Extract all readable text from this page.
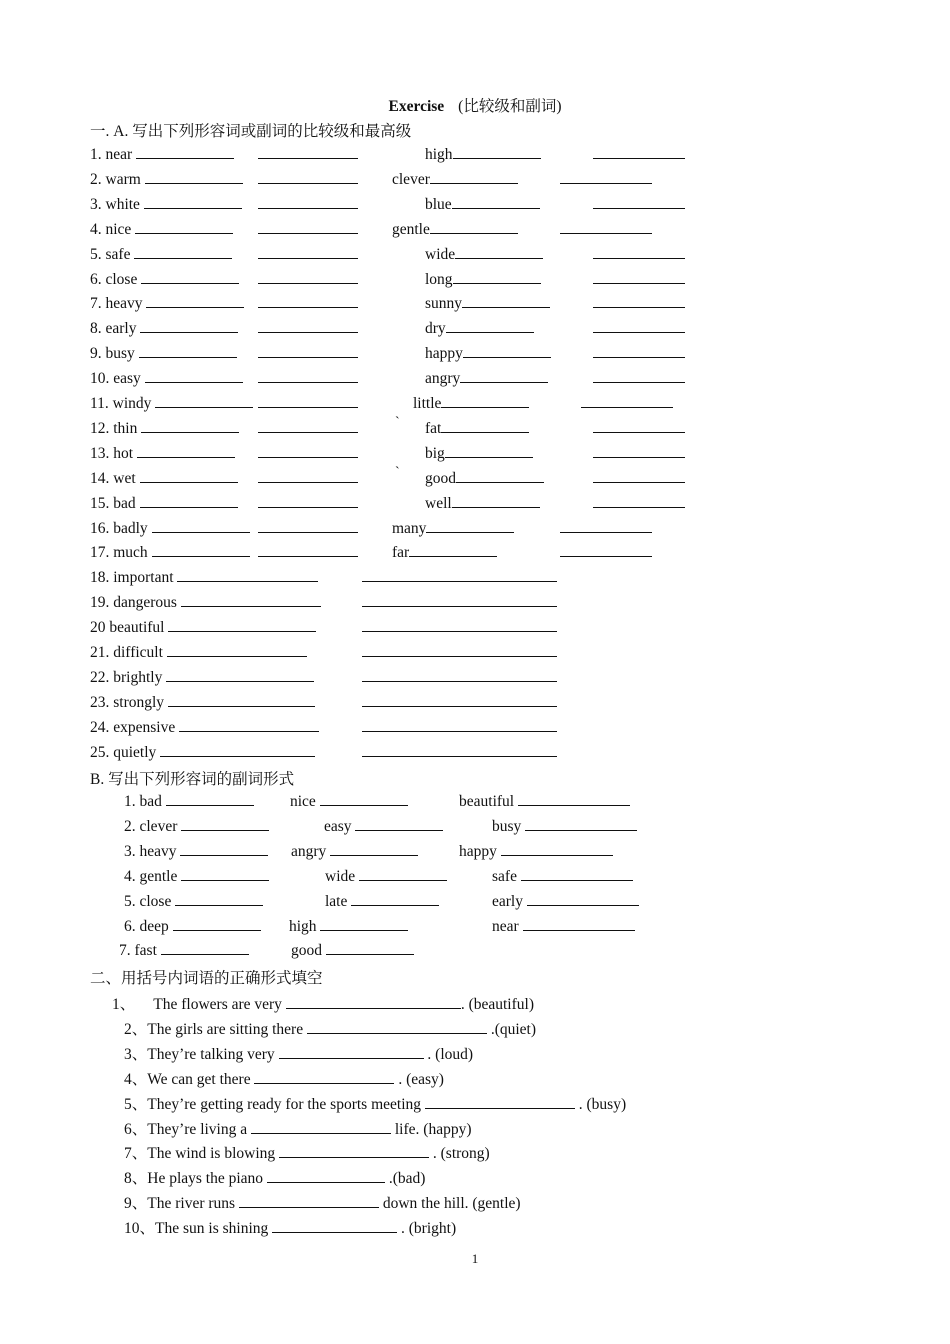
Exercise (比较级和副词)
一. A. 写出下列形容词或副词的比较级和最高级
1. near	high
2. warm	clever
3. white	blue
4. nice	gentle
5. safe	wide
6. close	long
7. heavy	sunny
8. early	dry
9. busy	happy
10. easy	angry
11. windy	little
12. thin	fat
`
13. hot	big
14. wet	good
`
15. bad	well
16. badly	many
17. much	far
18. important
19. dangerous
20 beautiful
21. difficult
22. brightly
23. strongly
24. expensive
25. quietly
B. 写出下列形容词的副词形式
1. bad	nice	beautiful
2. clever	easy	busy
3. heavy	angry	happy
4. gentle	wide	safe
5. close	late	early
6. deep	high	near
7. fast	good
二、用括号内词语的正确形式填空
1、 The flowers are very	. (beautiful)
2、The girls are sitting there	.(quiet)
3、They’re talking very	. (loud)
4、We can get there	. (easy)
5、They’re getting ready for the sports meeting	. (busy)
6、They’re living a	life. (happy)
7、The wind is blowing	. (strong)
8、He plays the piano	.(bad)
9、The river runs	down the hill. (gentle)
10、The sun is shining	. (bright)
1
